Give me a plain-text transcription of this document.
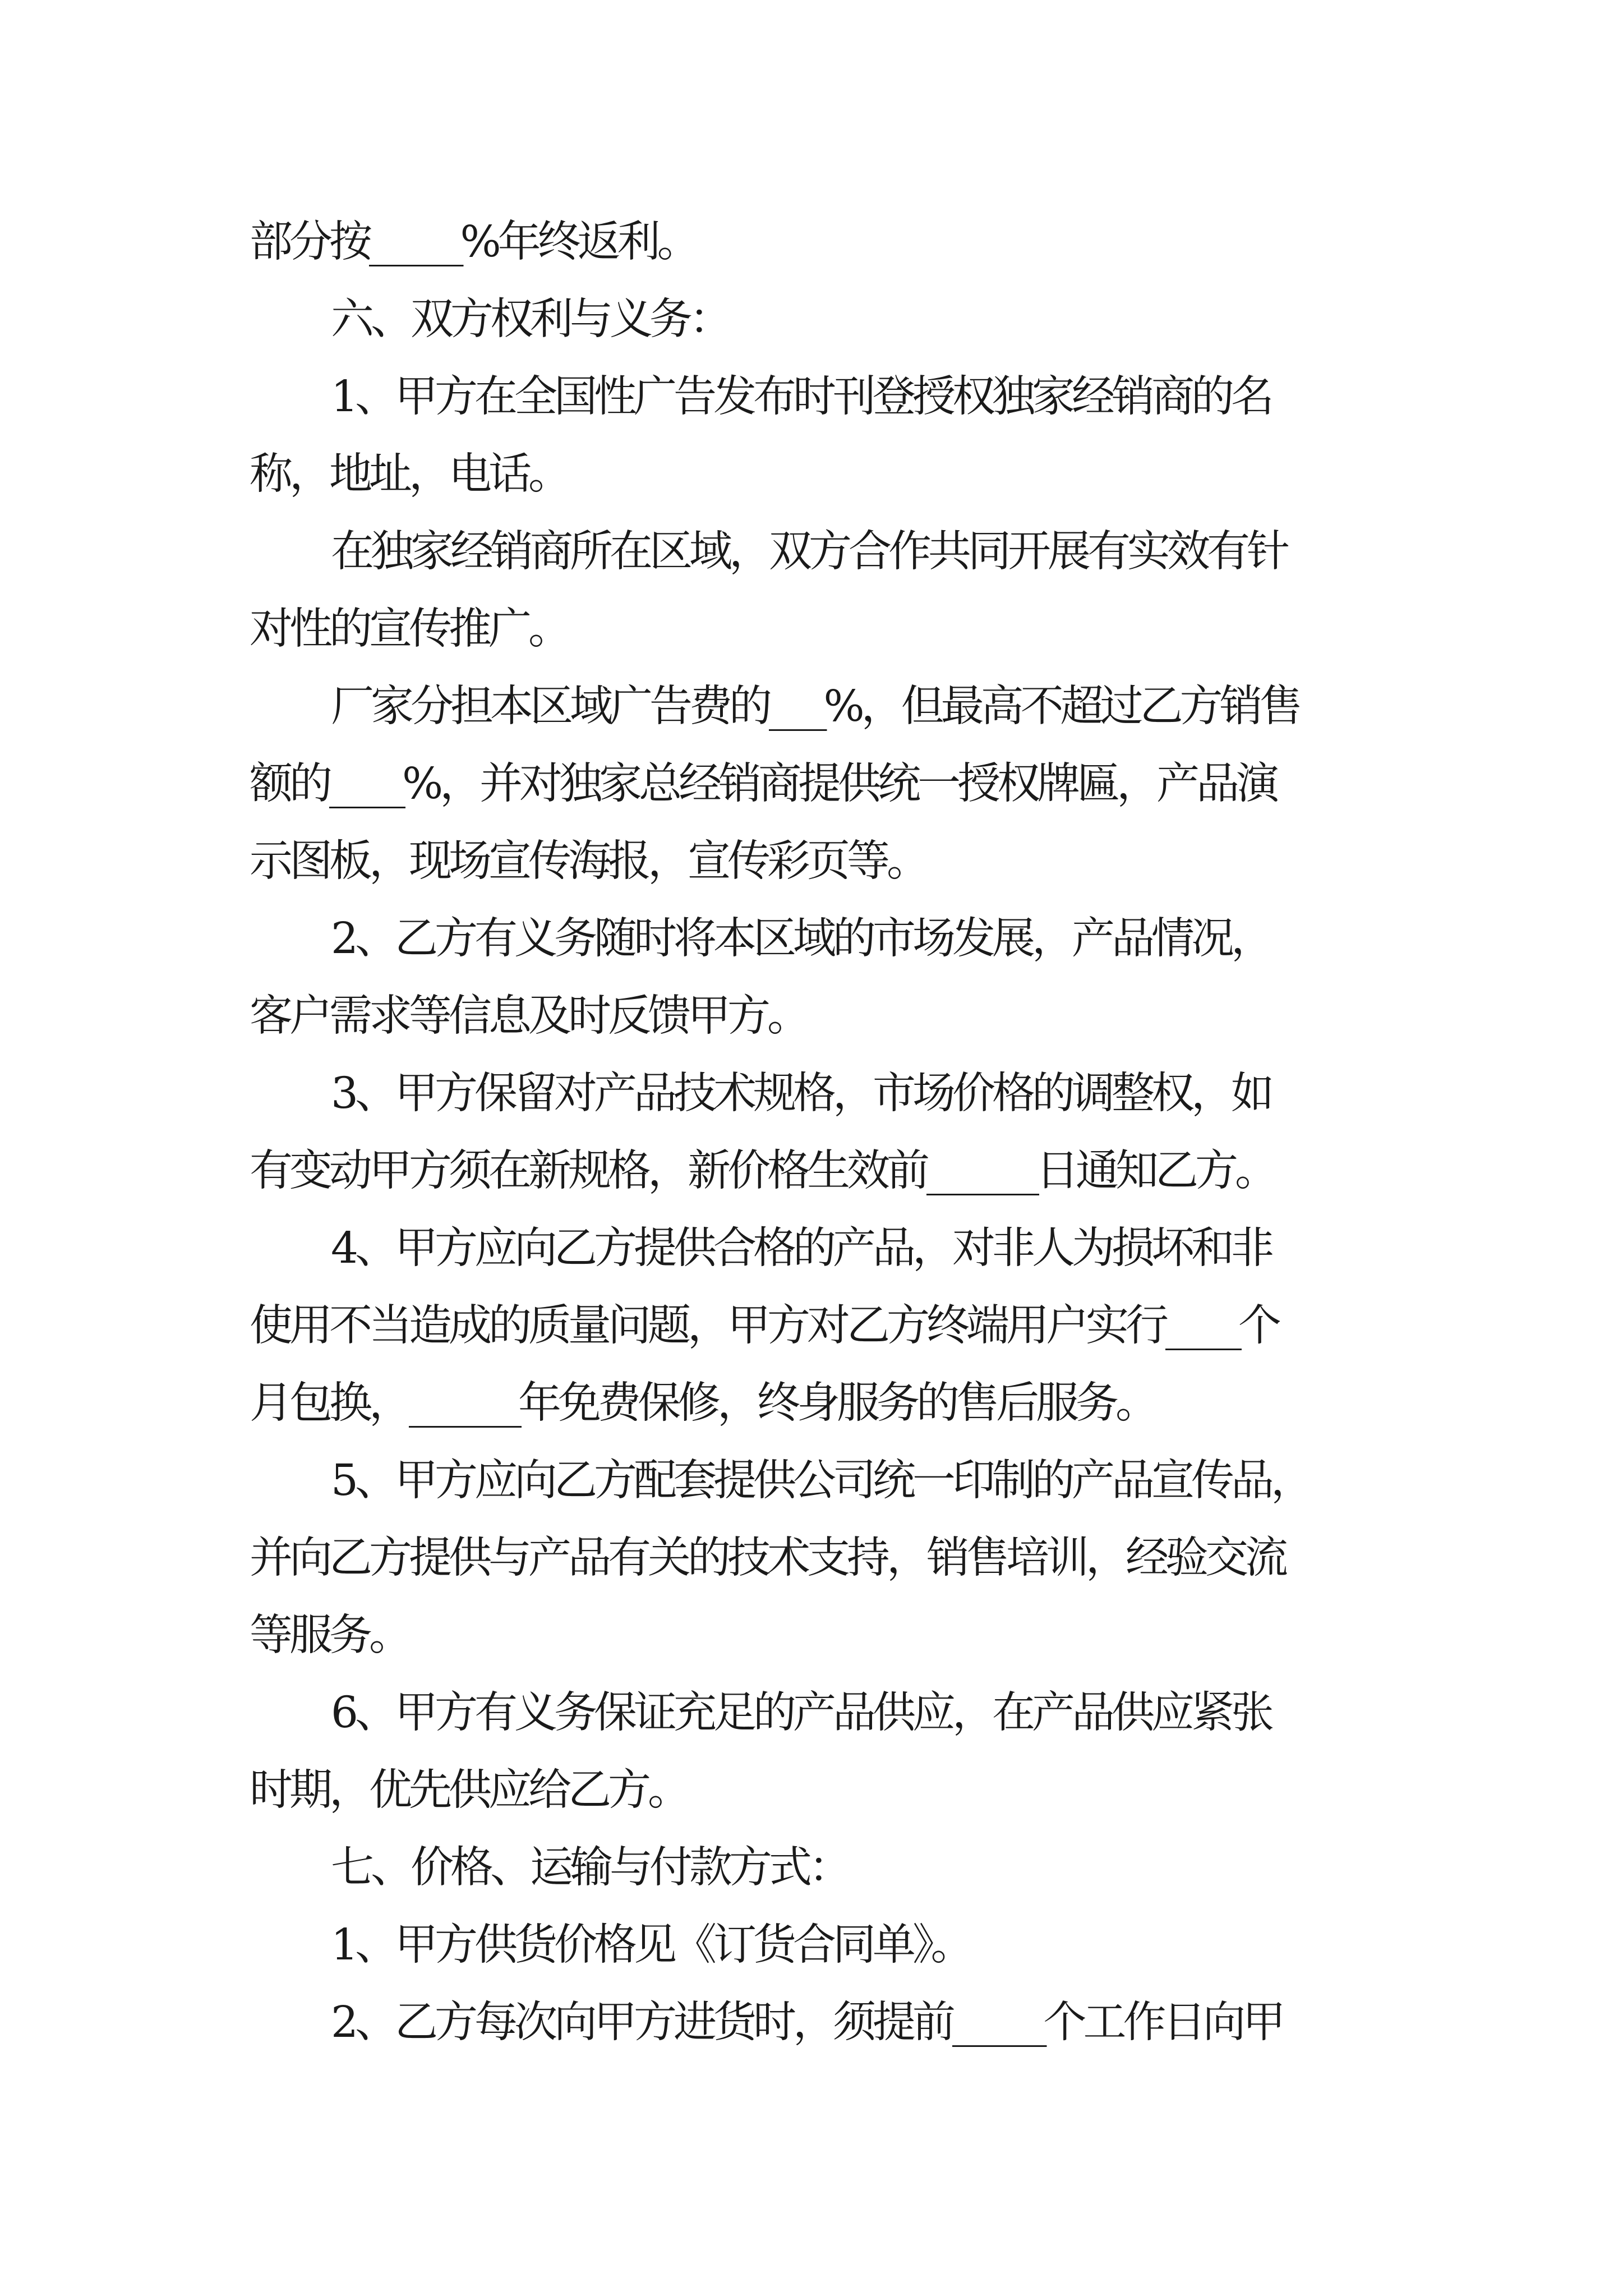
部分按_____%年终返利。
六、双方权利与义务：
1、甲方在全国性广告发布时刊登授权独家经销商的名
称，地址，电话。
在独家经销商所在区域，双方合作共同开展有实效有针
对性的宣传推广。
厂家分担本区域广告费的___%，但最高不超过乙方销售
额的____%，并对独家总经销商提供统一授权牌匾，产品演
示图板，现场宣传海报，宣传彩页等。
2、乙方有义务随时将本区域的市场发展，产品情况，
客户需求等信息及时反馈甲方。
3、甲方保留对产品技术规格，市场价格的调整权，如
有变动甲方须在新规格，新价格生效前______日通知乙方。
4、甲方应向乙方提供合格的产品，对非人为损坏和非
使用不当造成的质量问题，甲方对乙方终端用户实行____个
月包换，______年免费保修，终身服务的售后服务。
5、甲方应向乙方配套提供公司统一印制的产品宣传品，
并向乙方提供与产品有关的技术支持，销售培训，经验交流
等服务。
6、甲方有义务保证充足的产品供应，在产品供应紧张
时期，优先供应给乙方。
七、价格、运输与付款方式：
1、甲方供货价格见《订货合同单》。
2、乙方每次向甲方进货时，须提前_____个工作日向甲
